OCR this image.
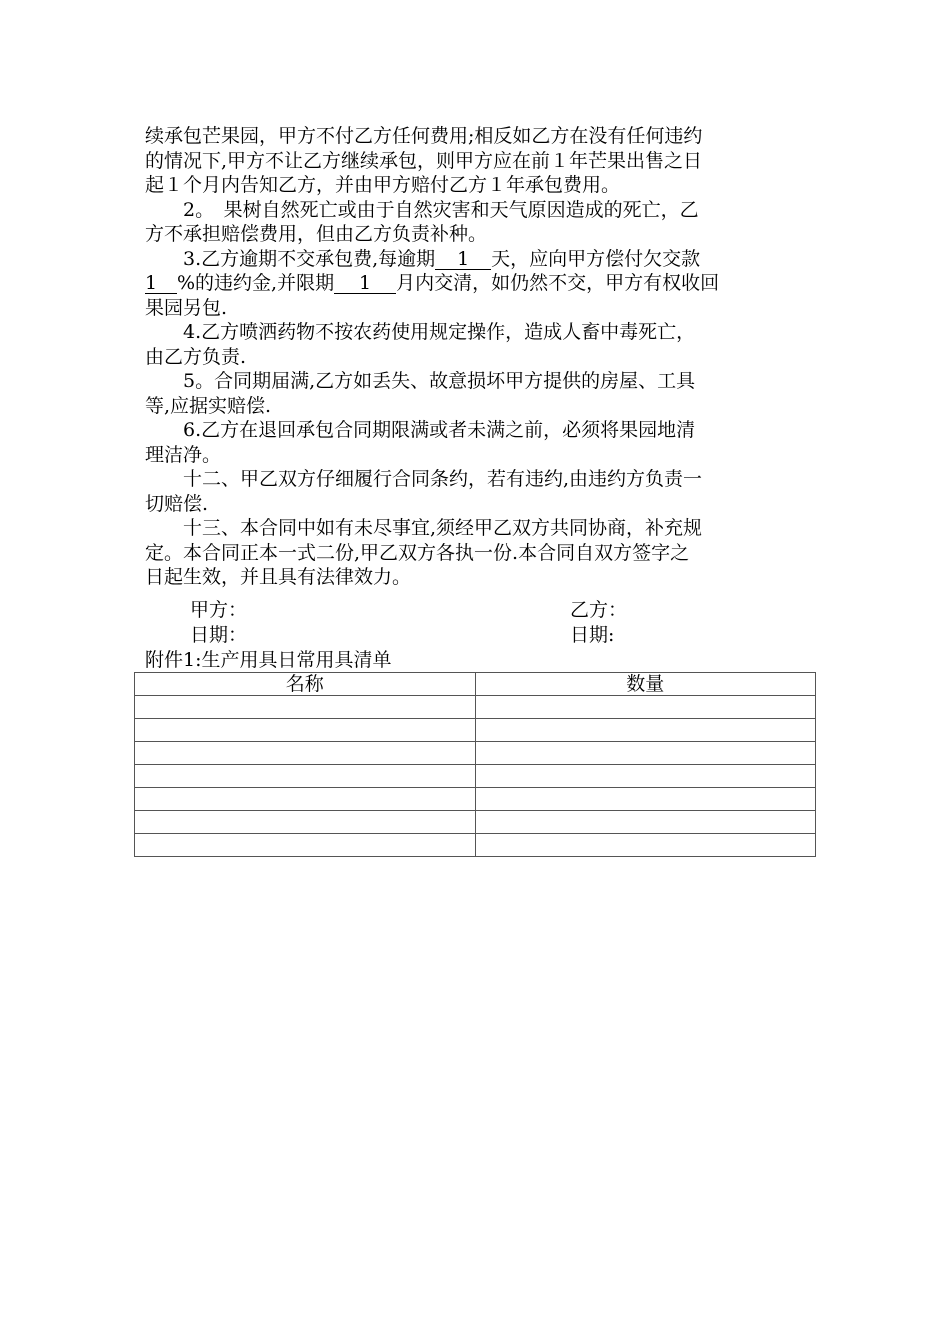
续承包芒果园，甲方不付乙方任何费用;相反如乙方在没有任何违约
的情况下,甲方不让乙方继续承包，则甲方应在前１年芒果出售之日
起１个月内告知乙方，并由甲方赔付乙方１年承包费用。
　　2。　果树自然死亡或由于自然灾害和天气原因造成的死亡，乙
方不承担赔偿费用，但由乙方负责补种。
　　3.乙方逾期不交承包费,每逾期 1 天，应向甲方偿付欠交款
1 %的违约金,并限期 1 月内交清，如仍然不交，甲方有权收回
果园另包.
　　4.乙方喷洒药物不按农药使用规定操作，造成人畜中毒死亡，
由乙方负责.
　　5。合同期届满,乙方如丢失、故意损坏甲方提供的房屋、工具
等,应据实赔偿.
　　6.乙方在退回承包合同期限满或者未满之前，必须将果园地清
理洁净。
　　十二、甲乙双方仔细履行合同条约，若有违约,由违约方负责一
切赔偿.
　　十三、本合同中如有未尽事宜,须经甲乙双方共同协商，补充规
定。本合同正本一式二份,甲乙双方各执一份.本合同自双方签字之
日起生效，并且具有法律效力。
甲方：	乙方：
日期：	日期:
附件1:生产用具日常用具清单
名称	数量
